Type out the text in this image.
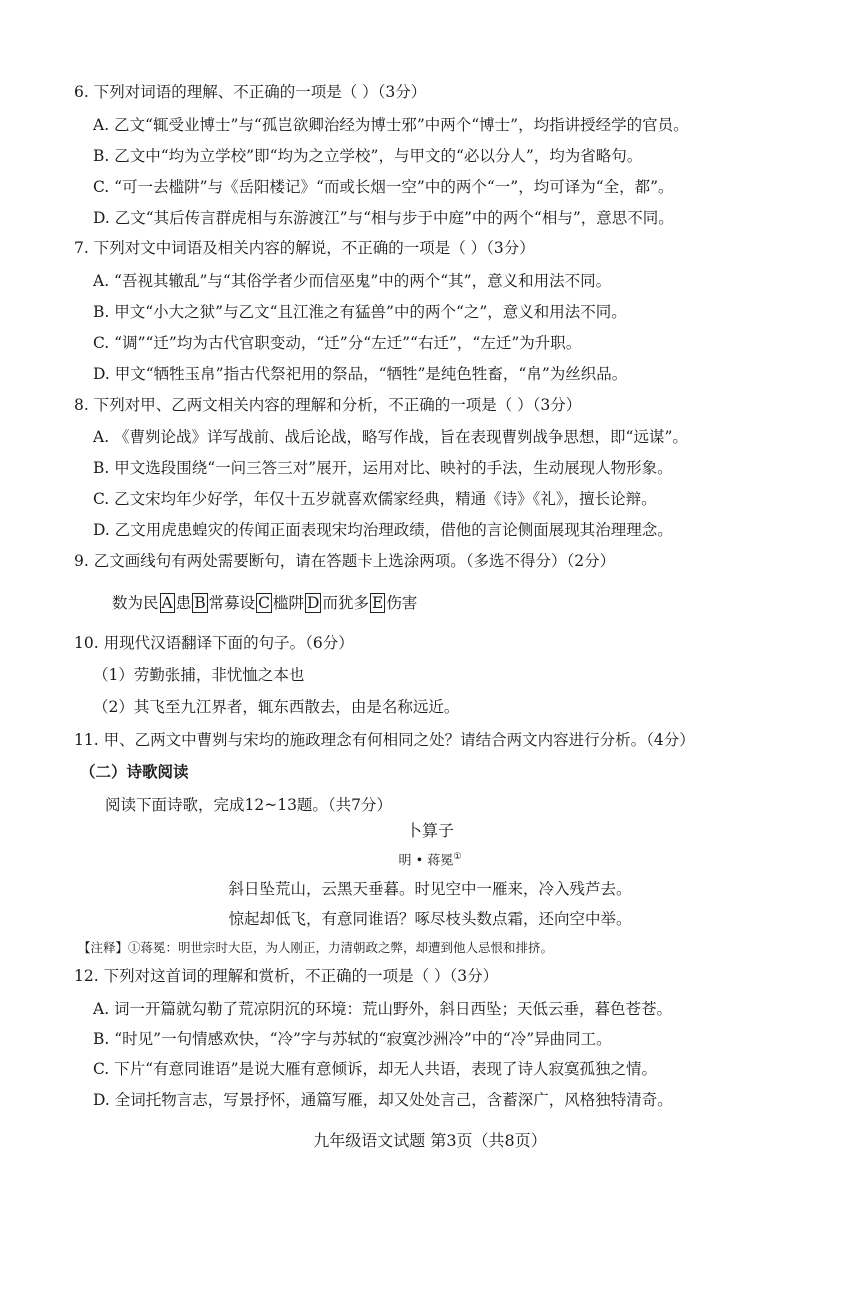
6. 下列对词语的理解、不正确的一项是（ ）（3分）
A. 乙文“辄受业博士”与“孤岂欲卿治经为博士邪”中两个“博士”，均指讲授经学的官员。
B. 乙文中“均为立学校”即“均为之立学校”，与甲文的“必以分人”，均为省略句。
C. “可一去槛阱”与《岳阳楼记》“而或长烟一空”中的两个“一”，均可译为“全，都”。
D. 乙文“其后传言群虎相与东游渡江”与“相与步于中庭”中的两个“相与”，意思不同。
7. 下列对文中词语及相关内容的解说，不正确的一项是（ ）（3分）
A. “吾视其辙乱”与“其俗学者少而信巫鬼”中的两个“其”，意义和用法不同。
B. 甲文“小大之狱”与乙文“且江淮之有猛兽”中的两个“之”，意义和用法不同。
C. “调”“迁”均为古代官职变动，“迁”分“左迁”“右迁”，“左迁”为升职。
D. 甲文“牺牲玉帛”指古代祭祀用的祭品，“牺牲”是纯色牲畜，“帛”为丝织品。
8. 下列对甲、乙两文相关内容的理解和分析，不正确的一项是（ ）（3分）
A. 《曹刿论战》详写战前、战后论战，略写作战，旨在表现曹刿战争思想，即“远谋”。
B. 甲文选段围绕“一问三答三对”展开，运用对比、映衬的手法，生动展现人物形象。
C. 乙文宋均年少好学，年仅十五岁就喜欢儒家经典，精通《诗》《礼》，擅长论辩。
D. 乙文用虎患蝗灾的传闻正面表现宋均治理政绩，借他的言论侧面展现其治理理念。
9. 乙文画线句有两处需要断句，请在答题卡上选涂两项。（多选不得分）（2分）
数为民 A 患 B 常募设 C 槛阱 D 而犹多 E 伤害
10. 用现代汉语翻译下面的句子。（6分）
（1）劳勤张捕，非忧恤之本也
（2）其飞至九江界者，辄东西散去，由是名称远近。
11. 甲、乙两文中曹刿与宋均的施政理念有何相同之处？请结合两文内容进行分析。（4分）
（二）诗歌阅读
阅读下面诗歌，完成12~13题。（共7分）
卜算子
明 • 蒋冕①
斜日坠荒山，云黑天垂暮。时见空中一雁来，冷入残芦去。
惊起却低飞，有意同谁语？啄尽枝头数点霜，还向空中举。
【注释】①蒋冕：明世宗时大臣，为人刚正，力清朝政之弊，却遭到他人忌恨和排挤。
12. 下列对这首词的理解和赏析，不正确的一项是（ ）（3分）
A. 词一开篇就勾勒了荒凉阴沉的环境：荒山野外，斜日西坠；天低云垂，暮色苍苍。
B. “时见”一句情感欢快，“冷”字与苏轼的“寂寞沙洲冷”中的“冷”异曲同工。
C. 下片“有意同谁语”是说大雁有意倾诉，却无人共语，表现了诗人寂寞孤独之情。
D. 全词托物言志，写景抒怀，通篇写雁，却又处处言己，含蓄深广，风格独特清奇。
九年级语文试题 第3页（共8页）
